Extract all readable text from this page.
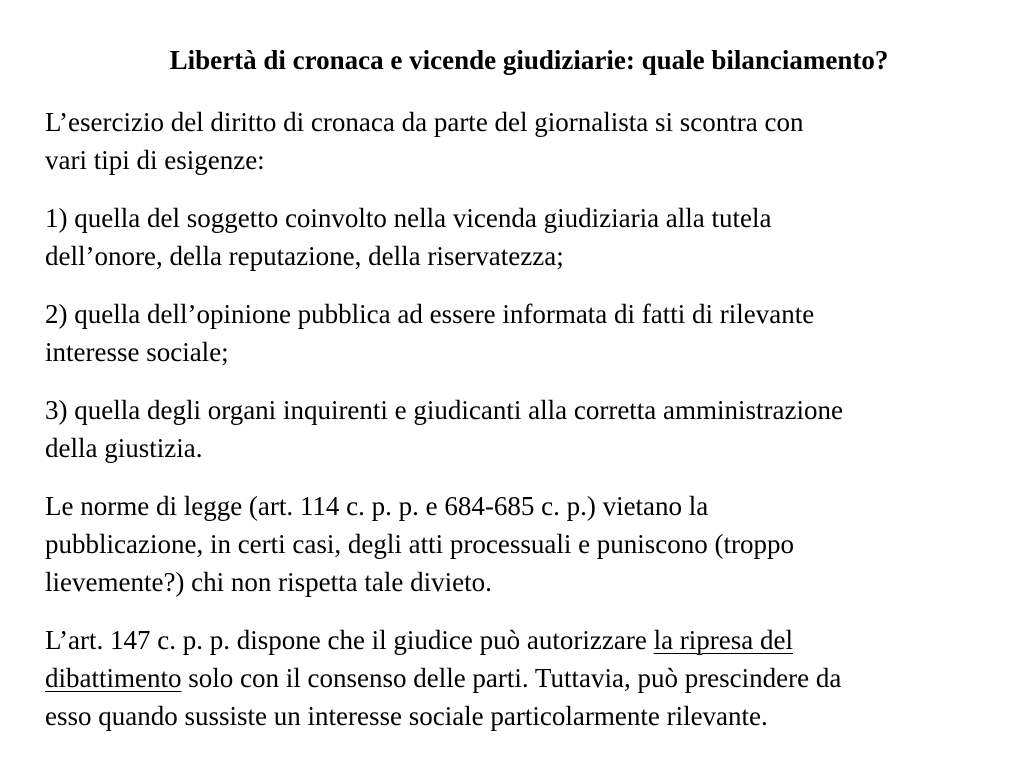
Libertà di cronaca e vicende giudiziarie: quale bilanciamento?
L’esercizio del diritto di cronaca da parte del giornalista si scontra con
vari tipi di esigenze:
1) quella del soggetto coinvolto nella vicenda giudiziaria alla tutela
dell’onore, della reputazione, della riservatezza;
2) quella dell’opinione pubblica ad essere informata di fatti di rilevante
interesse sociale;
3) quella degli organi inquirenti e giudicanti alla corretta amministrazione
della giustizia.
Le norme di legge (art. 114 c. p. p. e 684-685 c. p.) vietano la
pubblicazione, in certi casi, degli atti processuali e puniscono (troppo
lievemente?) chi non rispetta tale divieto.
L’art. 147 c. p. p. dispone che il giudice può autorizzare la ripresa del
dibattimento solo con il consenso delle parti. Tuttavia, può prescindere da
esso quando sussiste un interesse sociale particolarmente rilevante.
